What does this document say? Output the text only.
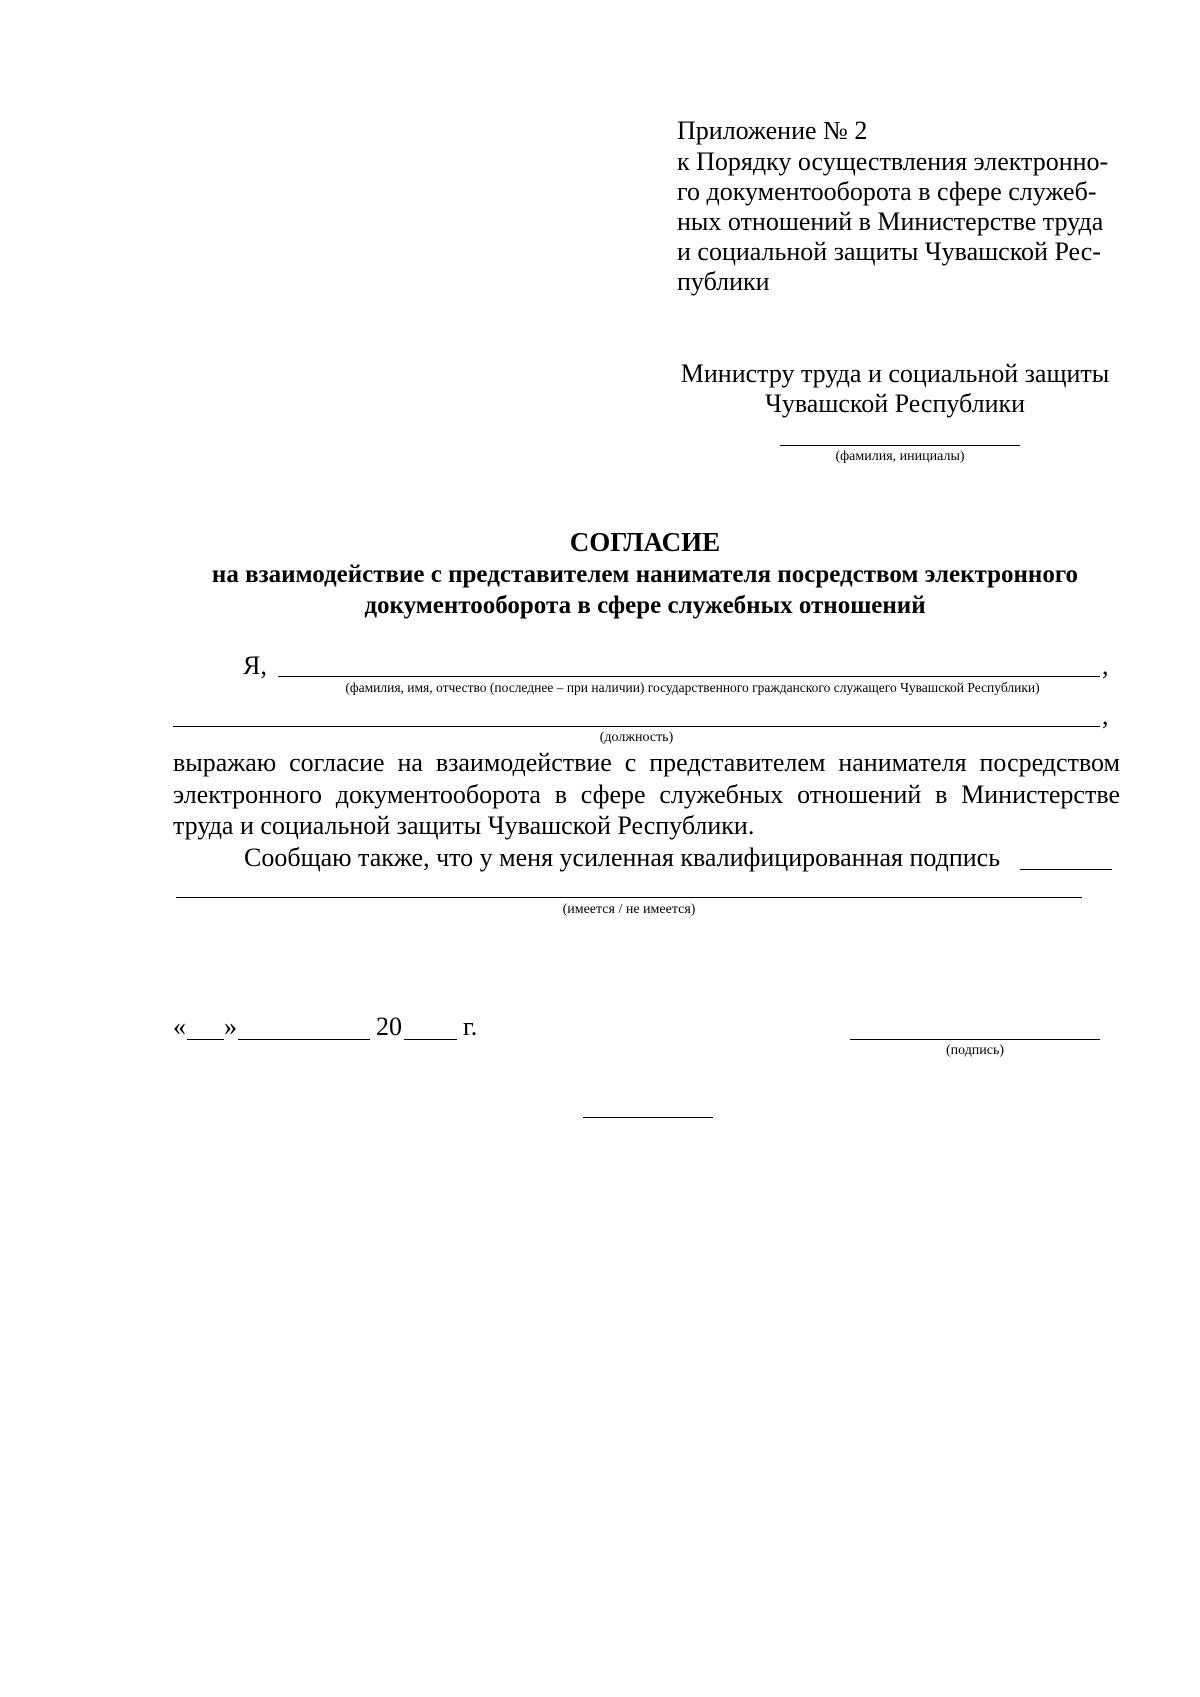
Приложение № 2
к Порядку осуществления электронно-
го документооборота в сфере служеб-
ных отношений в Министерстве труда
и социальной защиты Чувашской Рес-
публики
Министру труда и социальной защиты
Чувашской Республики
(фамилия, инициалы)
СОГЛАСИЕ
на взаимодействие с представителем нанимателя посредством электронного
документооборота в сфере служебных отношений
Я,	,
(фамилия, имя, отчество (последнее – при наличии) государственного гражданского служащего Чувашской Республики)
,
(должность)
выражаю согласие на взаимодействие с представителем нанимателя посредством
электронного документооборота в сфере служебных отношений в Министерстве
труда и социальной защиты Чувашской Республики.
Сообщаю также, что у меня усиленная квалифицированная подпись
(имеется / не имеется)
« »	20 г.
(подпись)
